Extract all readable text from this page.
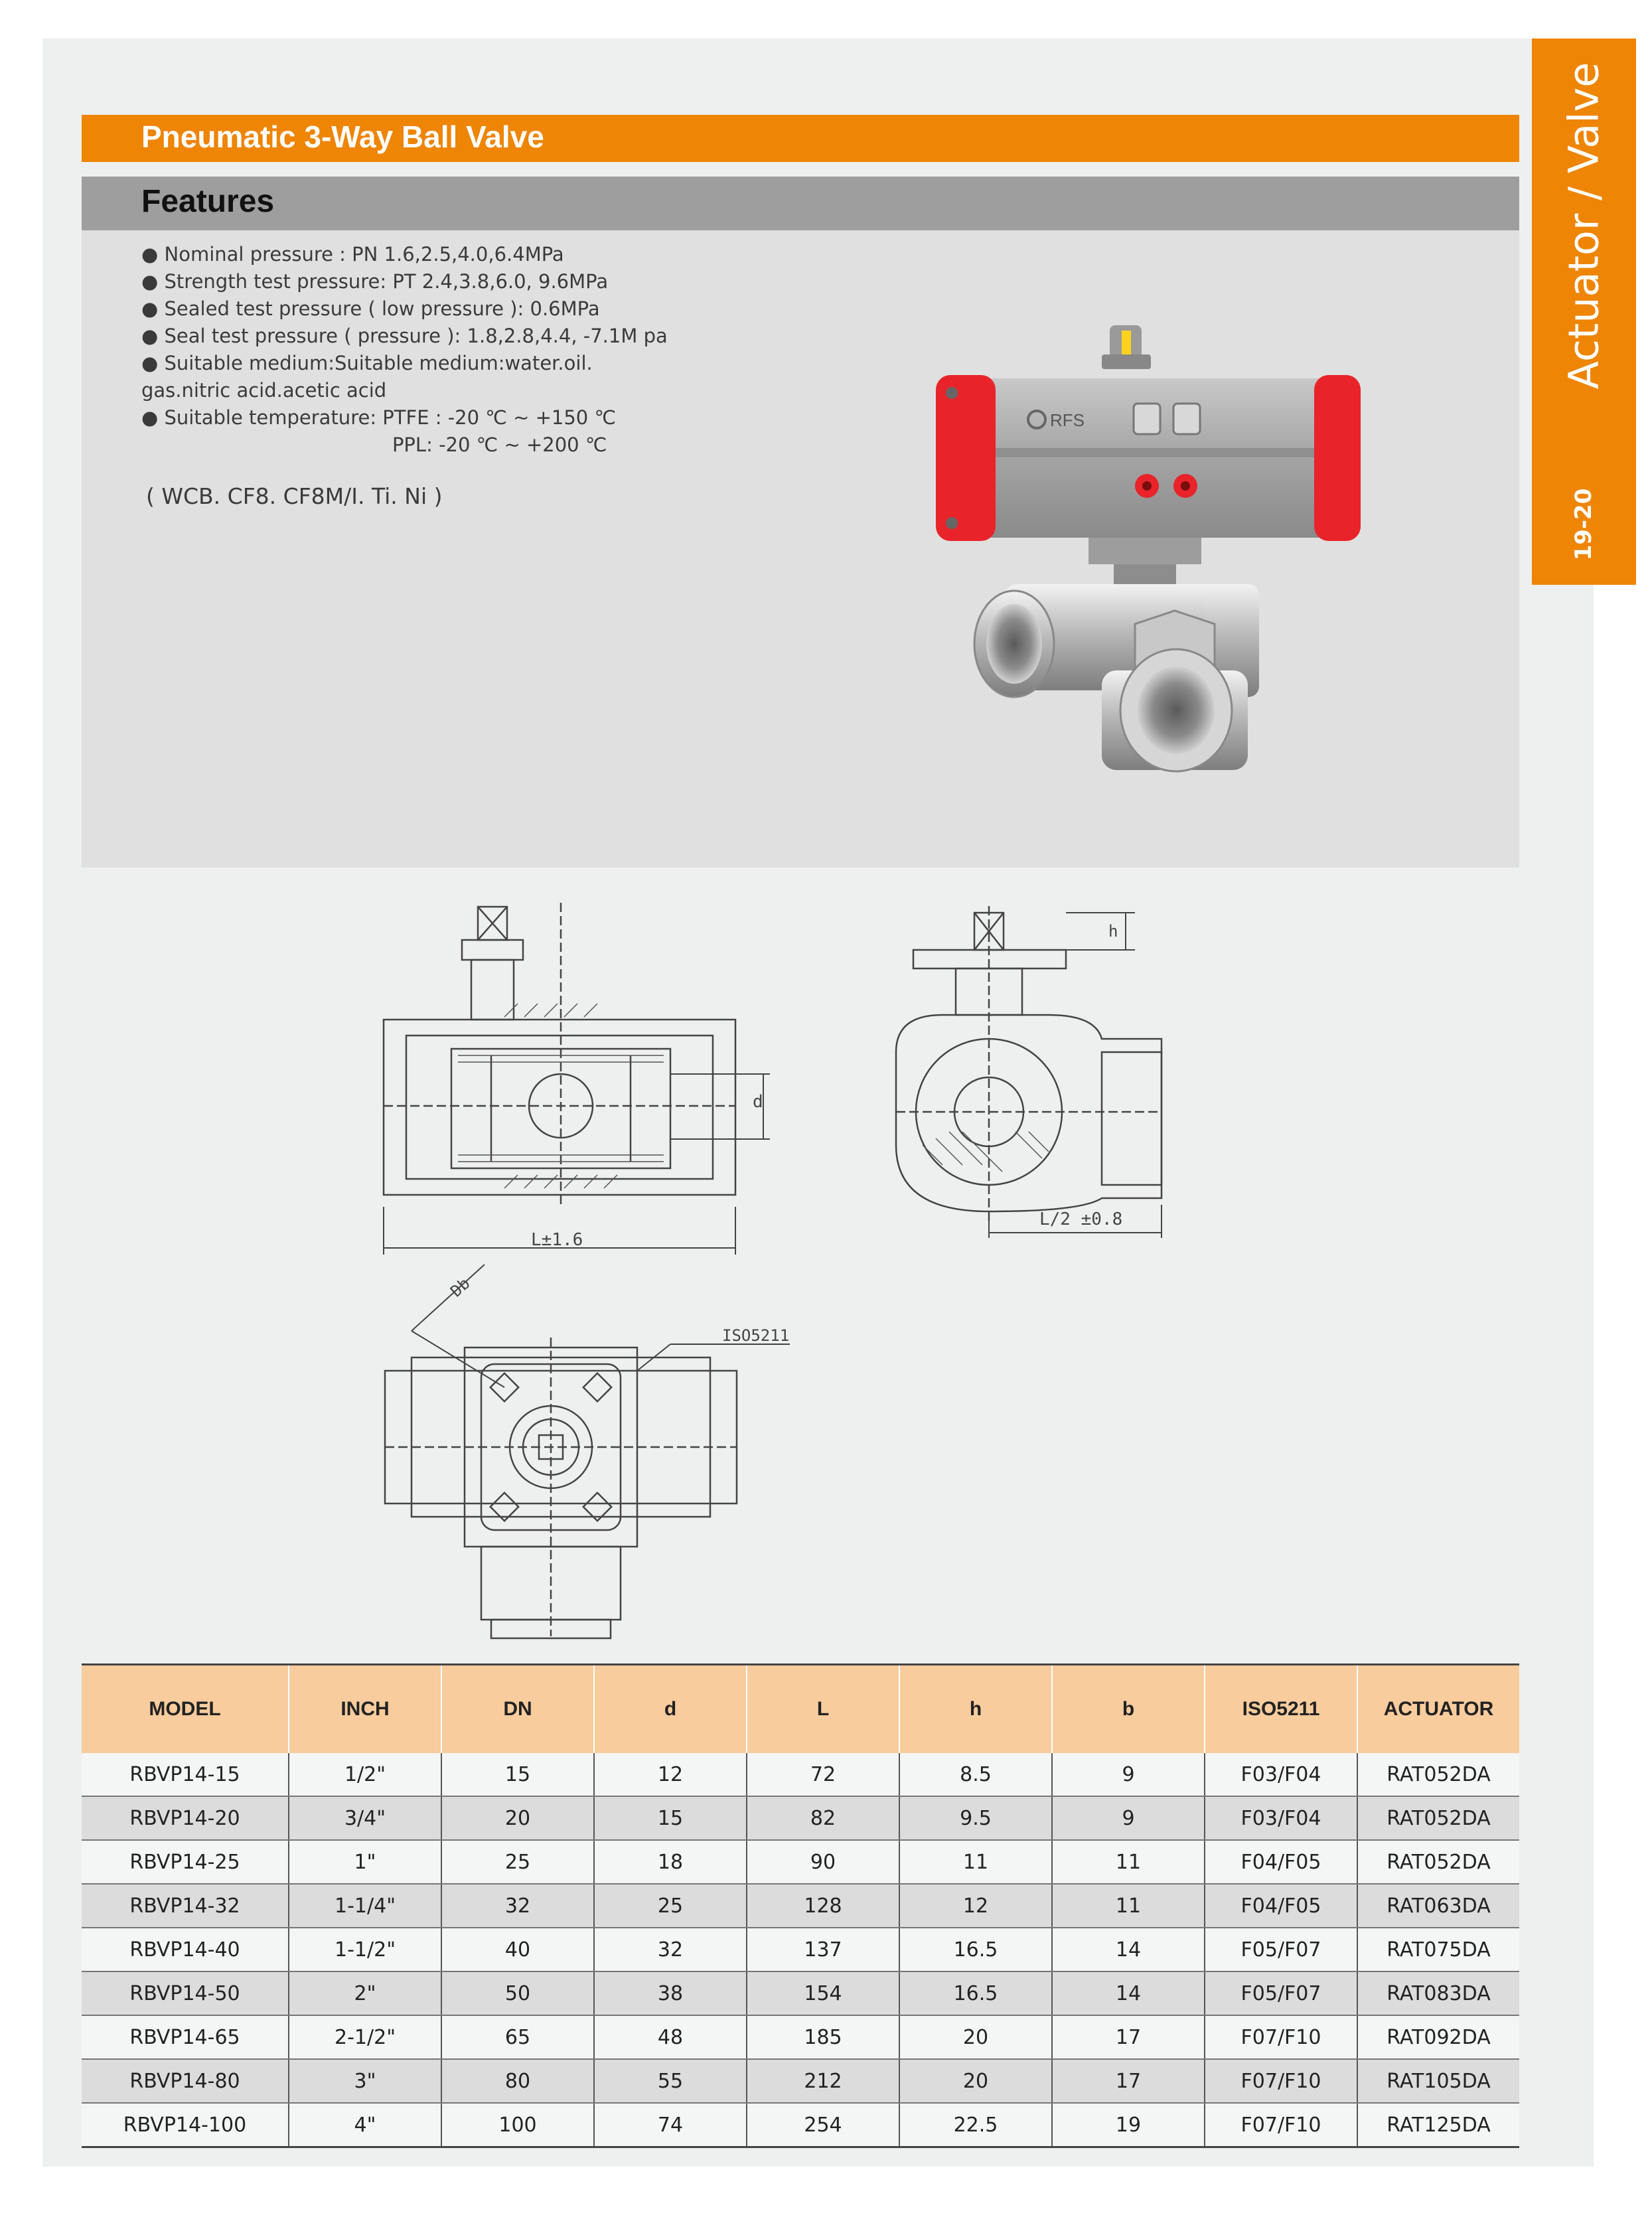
Actuator / Valve
19-20
Pneumatic 3-Way Ball Valve
Features
● Nominal pressure : PN 1.6,2.5,4.0,6.4MPa
● Strength test pressure: PT 2.4,3.8,6.0, 9.6MPa
● Sealed test pressure ( low pressure ): 0.6MPa
● Seal test pressure ( pressure ): 1.8,2.8,4.4, -7.1M pa
● Suitable medium:Suitable medium:water.oil.
gas.nitric acid.acetic acid
● Suitable temperature: PTFE : -20 ℃ ~ +150 ℃
PPL: -20 ℃ ~ +200 ℃
( WCB. CF8. CF8M/I. Ti. Ni )
RFS
L±1.6
d
h
L/2 ±0.8
Db
ISO5211
MODEL	INCH	DN	d	L	h	b	ISO5211	ACTUATOR
RBVP14-15	1/2"	15	12	72	8.5	9	F03/F04	RAT052DA
RBVP14-20	3/4"	20	15	82	9.5	9	F03/F04	RAT052DA
RBVP14-25	1"	25	18	90	11	11	F04/F05	RAT052DA
RBVP14-32	1-1/4"	32	25	128	12	11	F04/F05	RAT063DA
RBVP14-40	1-1/2"	40	32	137	16.5	14	F05/F07	RAT075DA
RBVP14-50	2"	50	38	154	16.5	14	F05/F07	RAT083DA
RBVP14-65	2-1/2"	65	48	185	20	17	F07/F10	RAT092DA
RBVP14-80	3"	80	55	212	20	17	F07/F10	RAT105DA
RBVP14-100	4"	100	74	254	22.5	19	F07/F10	RAT125DA
